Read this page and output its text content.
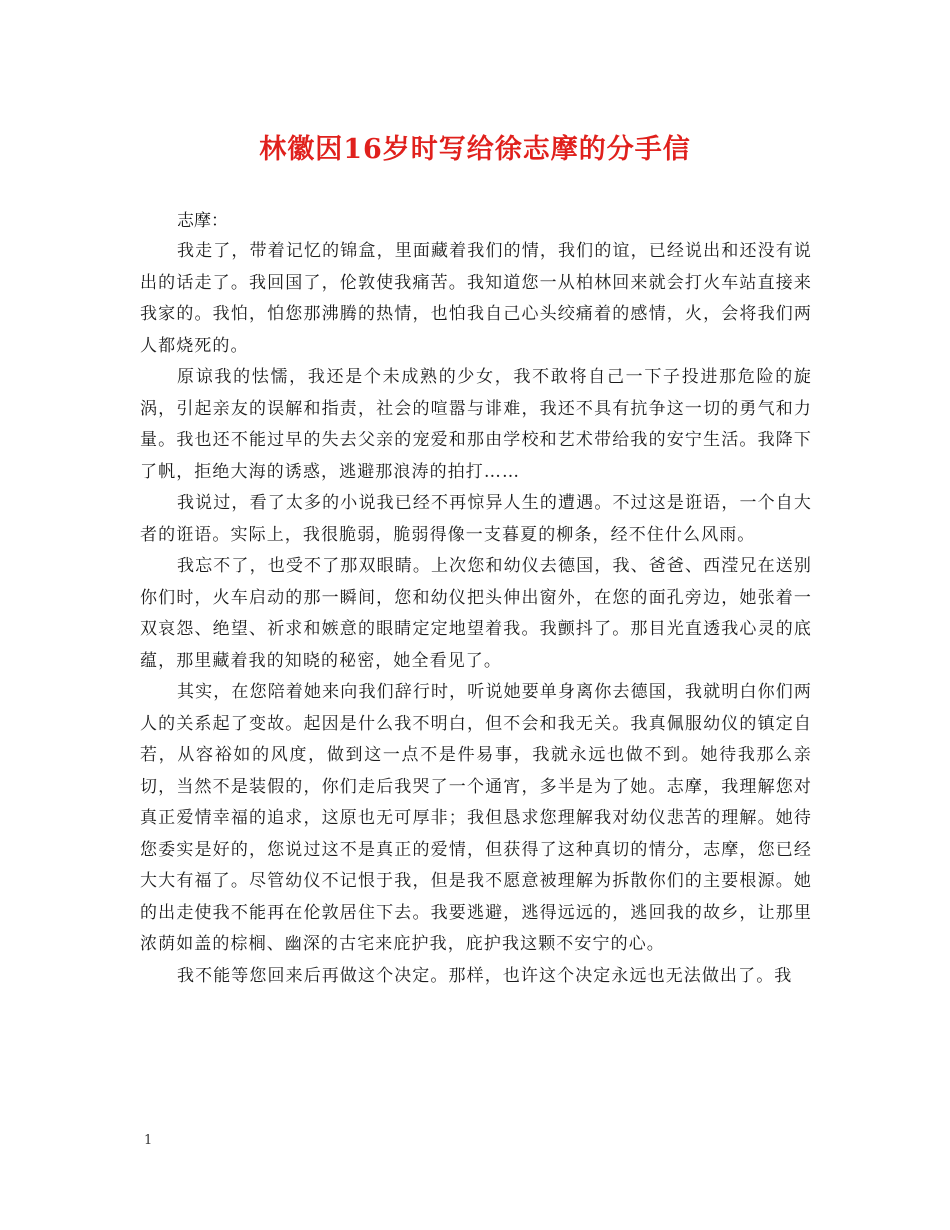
林徽因16岁时写给徐志摩的分手信

志摩：

我走了，带着记忆的锦盒，里面藏着我们的情，我们的谊，已经说出和还没有说出的话走了。我回国了，伦敦使我痛苦。我知道您一从柏林回来就会打火车站直接来我家的。我怕，怕您那沸腾的热情，也怕我自己心头绞痛着的感情，火，会将我们两人都烧死的。

原谅我的怯懦，我还是个未成熟的少女，我不敢将自己一下子投进那危险的旋涡，引起亲友的误解和指责，社会的喧嚣与诽难，我还不具有抗争这一切的勇气和力量。我也还不能过早的失去父亲的宠爱和那由学校和艺术带给我的安宁生活。我降下了帆，拒绝大海的诱惑，逃避那浪涛的拍打……

我说过，看了太多的小说我已经不再惊异人生的遭遇。不过这是诳语，一个自大者的诳语。实际上，我很脆弱，脆弱得像一支暮夏的柳条，经不住什么风雨。

我忘不了，也受不了那双眼睛。上次您和幼仪去德国，我、爸爸、西滢兄在送别你们时，火车启动的那一瞬间，您和幼仪把头伸出窗外，在您的面孔旁边，她张着一双哀怨、绝望、祈求和嫉意的眼睛定定地望着我。我颤抖了。那目光直透我心灵的底蕴，那里藏着我的知晓的秘密，她全看见了。

其实，在您陪着她来向我们辞行时，听说她要单身离你去德国，我就明白你们两人的关系起了变故。起因是什么我不明白，但不会和我无关。我真佩服幼仪的镇定自若，从容裕如的风度，做到这一点不是件易事，我就永远也做不到。她待我那么亲切，当然不是装假的，你们走后我哭了一个通宵，多半是为了她。志摩，我理解您对真正爱情幸福的追求，这原也无可厚非；我但恳求您理解我对幼仪悲苦的理解。她待您委实是好的，您说过这不是真正的爱情，但获得了这种真切的情分，志摩，您已经大大有福了。尽管幼仪不记恨于我，但是我不愿意被理解为拆散你们的主要根源。她的出走使我不能再在伦敦居住下去。我要逃避，逃得远远的，逃回我的故乡，让那里浓荫如盖的棕榈、幽深的古宅来庇护我，庇护我这颗不安宁的心。

我不能等您回来后再做这个决定。那样，也许这个决定永远也无法做出了。我

1
